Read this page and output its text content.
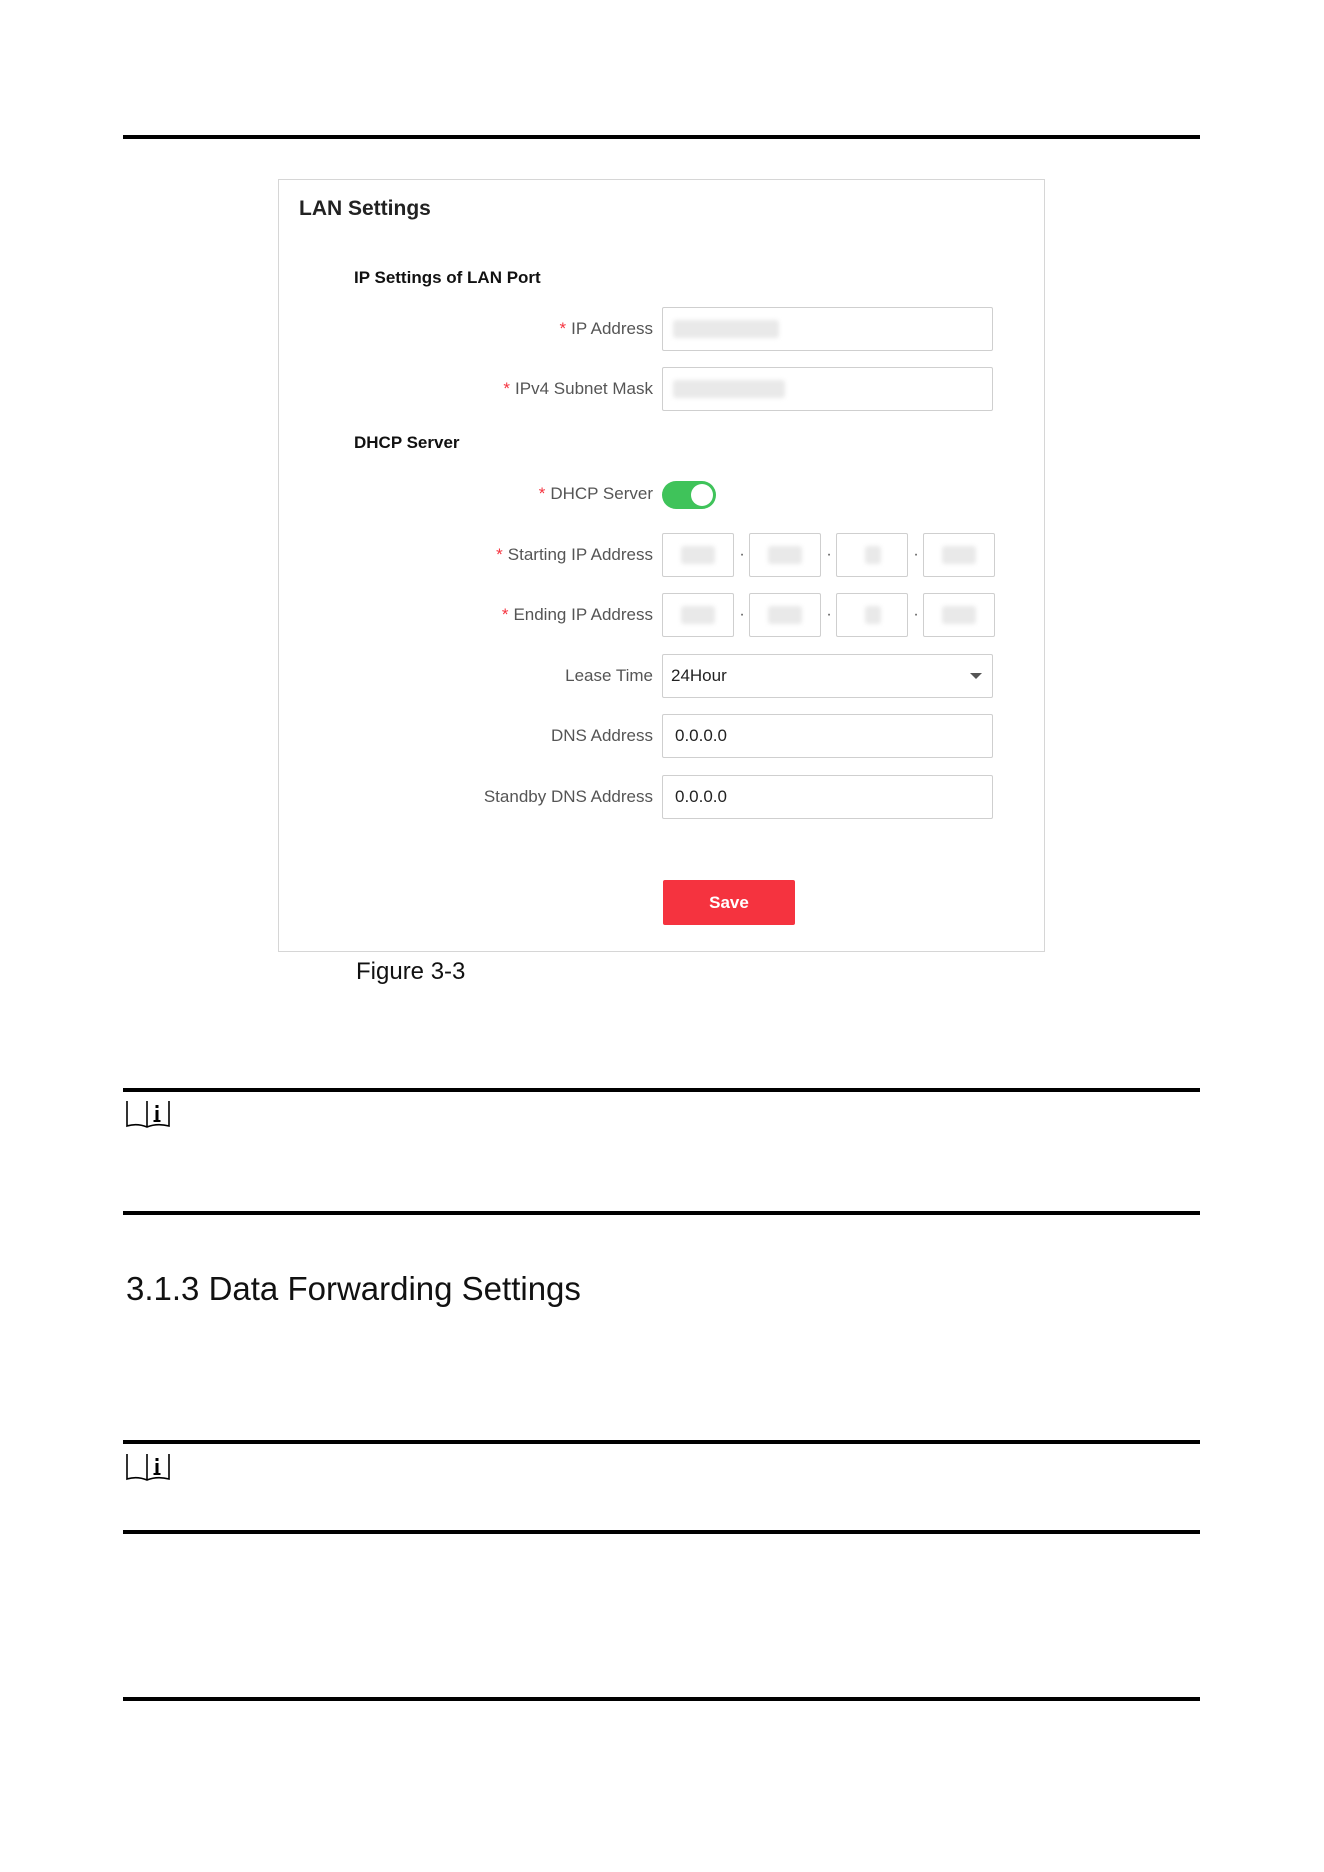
LAN Settings
IP Settings of LAN Port
* IP Address
* IPv4 Subnet Mask
DHCP Server
* DHCP Server
* Starting IP Address	·	·	·
* Ending IP Address	·	·	·
Lease Time	24Hour
DNS Address	0.0.0.0
Standby DNS Address	0.0.0.0
Save
Figure 3-3
3.1.3 Data Forwarding Settings
